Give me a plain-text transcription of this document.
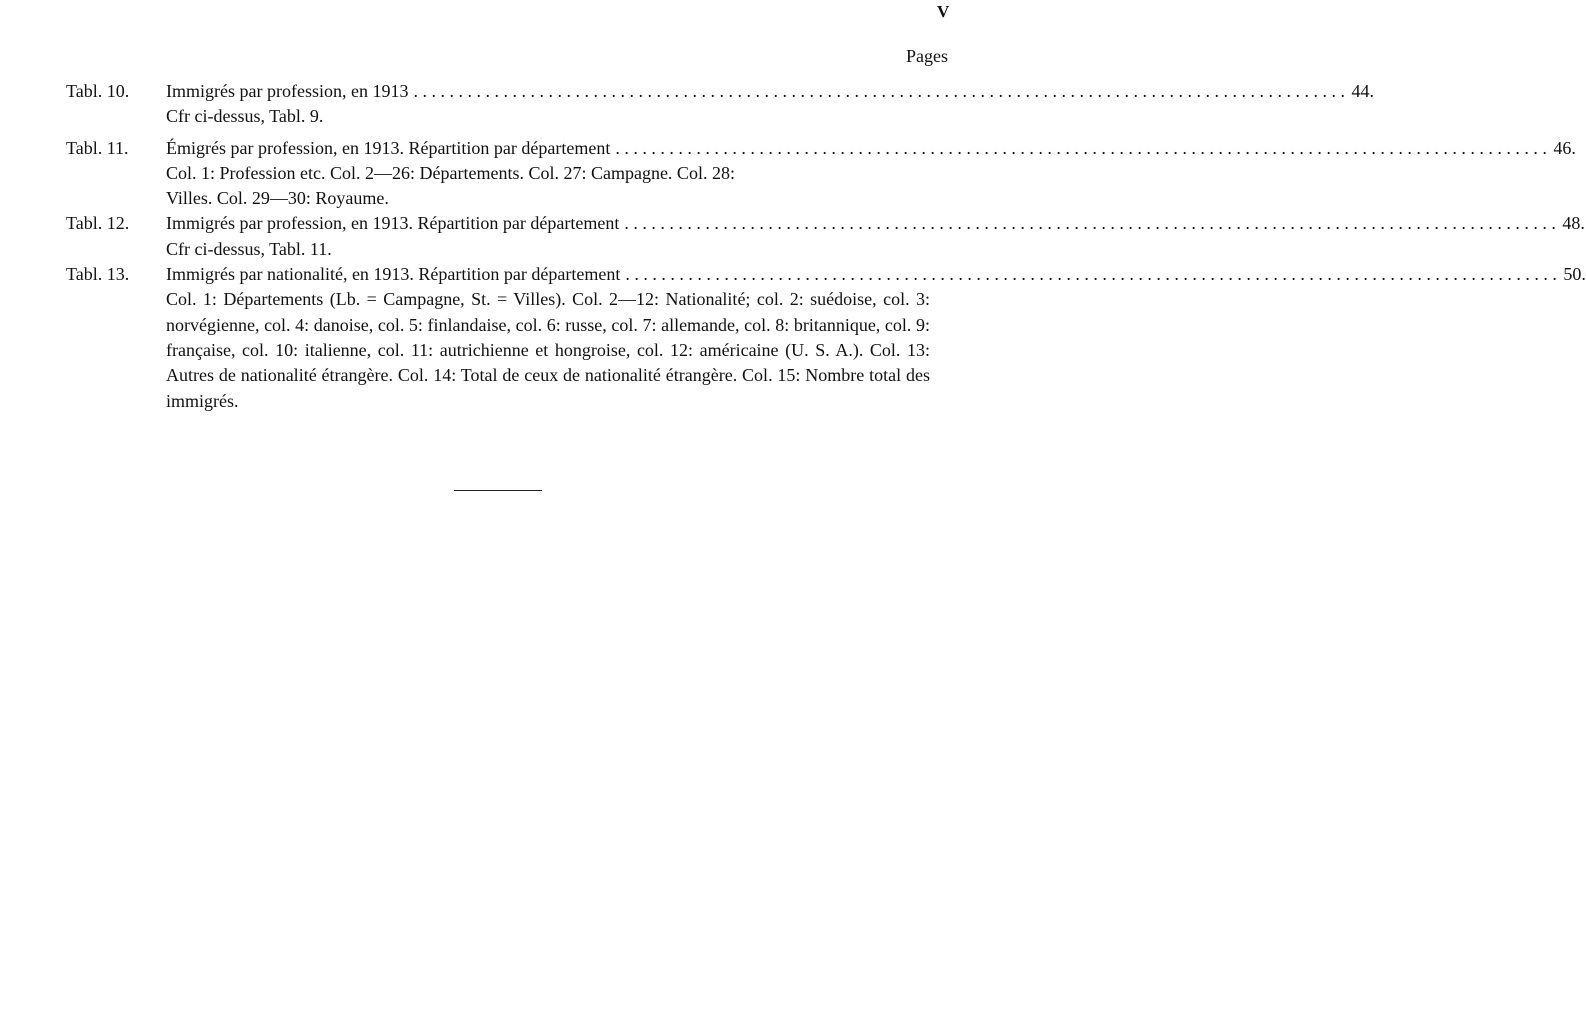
V
Pages
Tabl. 10.	Immigrés par profession, en 1913 ........................................................................................................ 44.
Cfr ci-dessus, Tabl. 9.
Tabl. 11.	Émigrés par profession, en 1913. Répartition par département ........................................................................................................ 46.
Col. 1: Profession etc. Col. 2—26: Départements. Col. 27: Campagne. Col. 28:
Villes. Col. 29—30: Royaume.
Tabl. 12.	Immigrés par profession, en 1913. Répartition par département ........................................................................................................ 48.
Cfr ci-dessus, Tabl. 11.
Tabl. 13.	Immigrés par nationalité, en 1913. Répartition par département ........................................................................................................ 50.
Col. 1: Départements (Lb. = Campagne, St. = Villes). Col. 2—12: Nationalité; col. 2: suédoise, col. 3: norvégienne, col. 4: danoise, col. 5: finlandaise, col. 6: russe, col. 7: allemande, col. 8: britannique, col. 9: française, col. 10: italienne, col. 11: autrichienne et hongroise, col. 12: américaine (U. S. A.). Col. 13: Autres de nationalité étrangère. Col. 14: Total de ceux de nationalité étrangère. Col. 15: Nombre total des immigrés.
